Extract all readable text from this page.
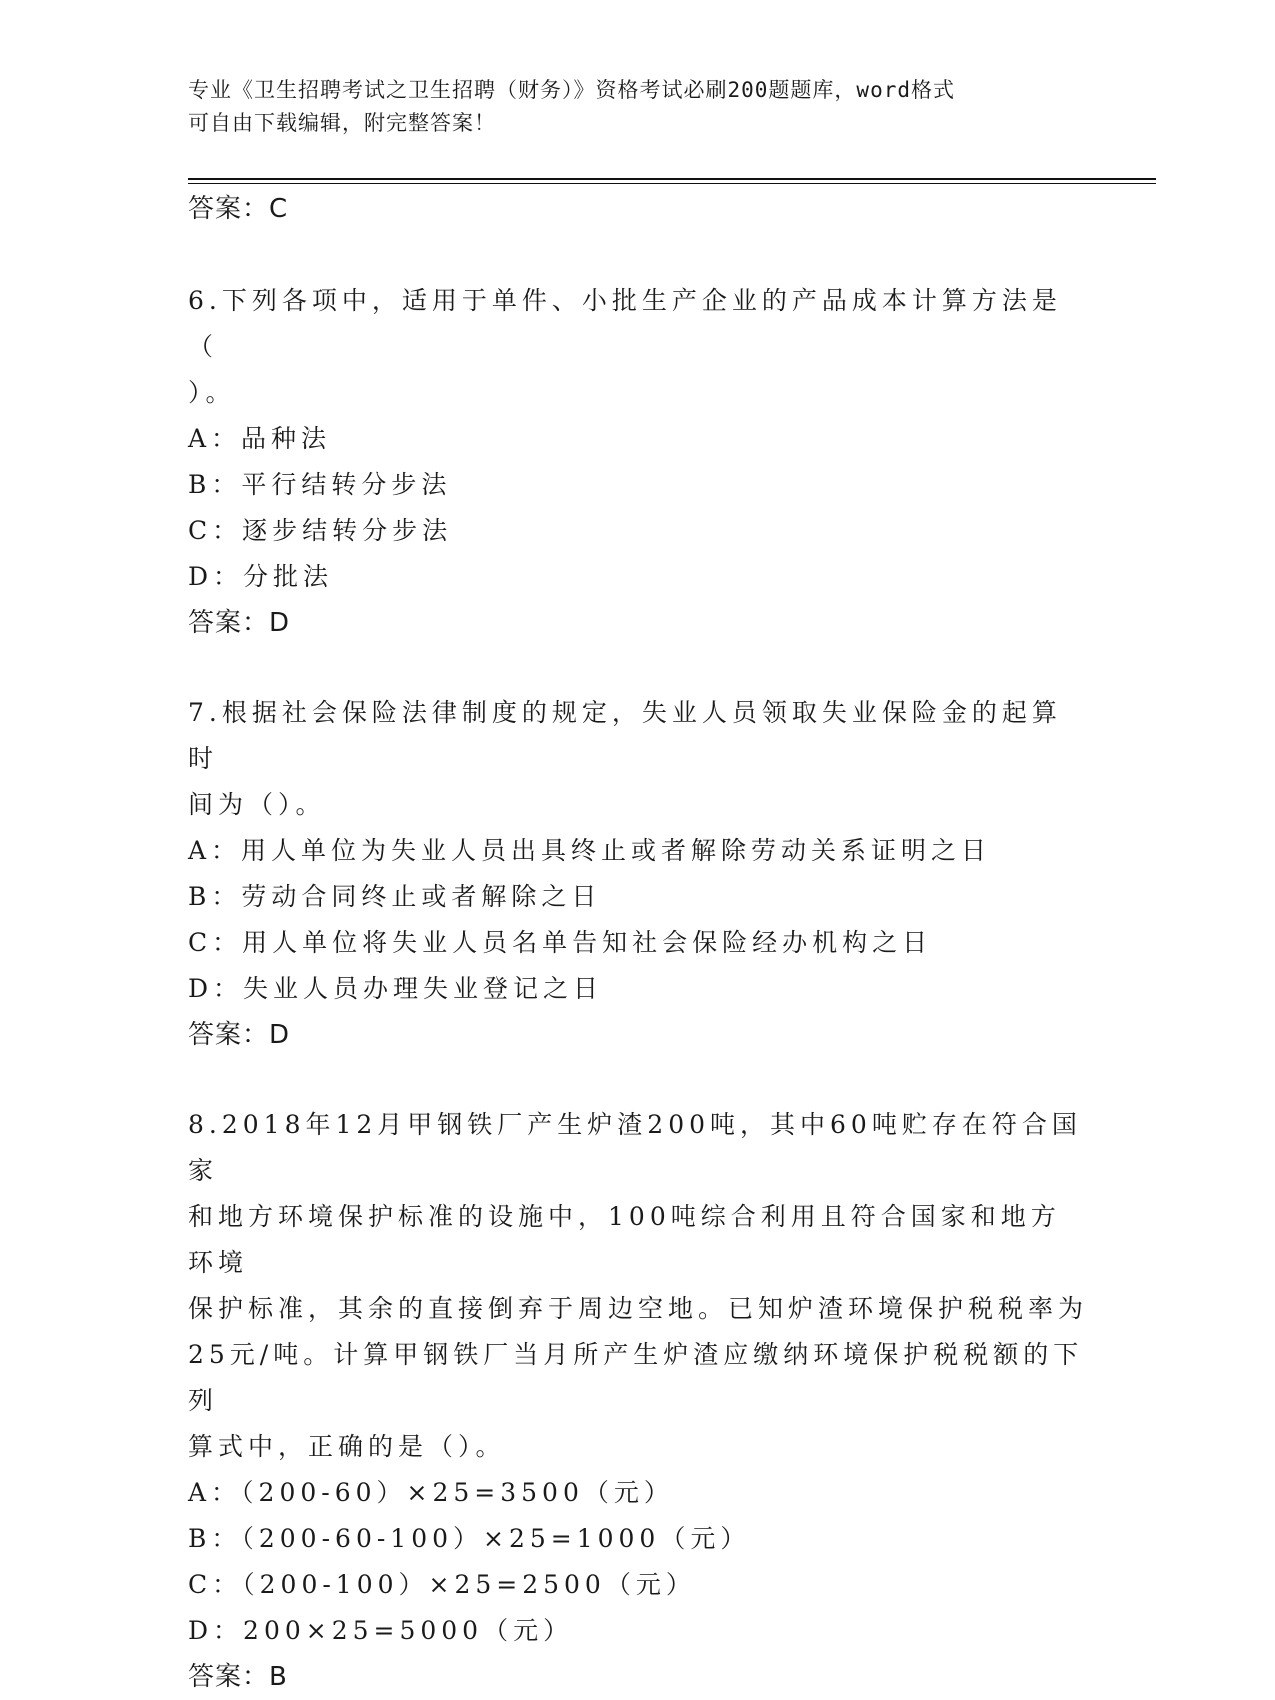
专业《卫生招聘考试之卫生招聘（财务）》资格考试必刷200题题库，word格式
可自由下载编辑，附完整答案！
答案：C
6.下列各项中，适用于单件、小批生产企业的产品成本计算方法是（
）。
A：品种法
B：平行结转分步法
C：逐步结转分步法
D：分批法
答案：D
7.根据社会保险法律制度的规定，失业人员领取失业保险金的起算时
间为（）。
A：用人单位为失业人员出具终止或者解除劳动关系证明之日
B：劳动合同终止或者解除之日
C：用人单位将失业人员名单告知社会保险经办机构之日
D：失业人员办理失业登记之日
答案：D
8.2018年12月甲钢铁厂产生炉渣200吨，其中60吨贮存在符合国家
和地方环境保护标准的设施中，100吨综合利用且符合国家和地方环境
保护标准，其余的直接倒弃于周边空地。已知炉渣环境保护税税率为
25元/吨。计算甲钢铁厂当月所产生炉渣应缴纳环境保护税税额的下列
算式中，正确的是（）。
A：（200-60）×25=3500（元）
B：（200-60-100）×25=1000（元）
C：（200-100）×25=2500（元）
D：200×25=5000（元）
答案：B
